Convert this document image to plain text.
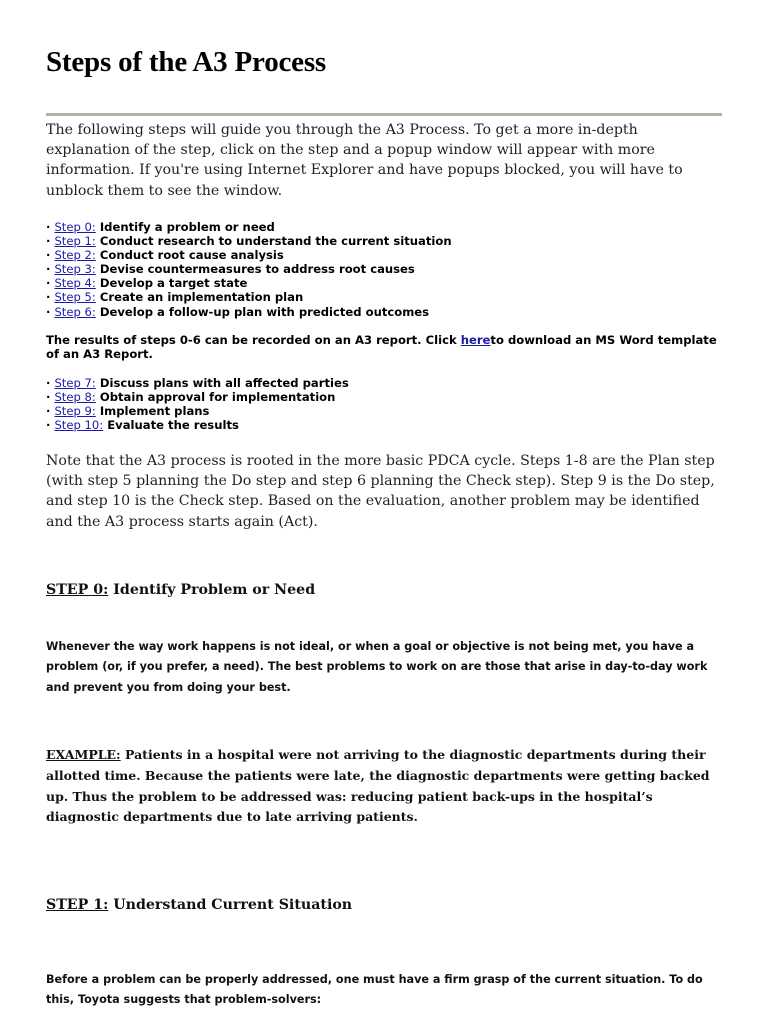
Steps of the A3 Process
The following steps will guide you through the A3 Process. To get a more in-depth explanation of the step, click on the step and a popup window will appear with more information. If you're using Internet Explorer and have popups blocked, you will have to unblock them to see the window.
· Step 0: Identify a problem or need
· Step 1: Conduct research to understand the current situation
· Step 2: Conduct root cause analysis
· Step 3: Devise countermeasures to address root causes
· Step 4: Develop a target state
· Step 5: Create an implementation plan
· Step 6: Develop a follow-up plan with predicted outcomes
The results of steps 0-6 can be recorded on an A3 report. Click hereto download an MS Word template of an A3 Report.
· Step 7: Discuss plans with all affected parties
· Step 8: Obtain approval for implementation
· Step 9: Implement plans
· Step 10: Evaluate the results
Note that the A3 process is rooted in the more basic PDCA cycle. Steps 1-8 are the Plan step (with step 5 planning the Do step and step 6 planning the Check step). Step 9 is the Do step, and step 10 is the Check step. Based on the evaluation, another problem may be identified and the A3 process starts again (Act).
STEP 0: Identify Problem or Need
Whenever the way work happens is not ideal, or when a goal or objective is not being met, you have a problem (or, if you prefer, a need). The best problems to work on are those that arise in day-to-day work and prevent you from doing your best.
EXAMPLE: Patients in a hospital were not arriving to the diagnostic departments during their allotted time. Because the patients were late, the diagnostic departments were getting backed up. Thus the problem to be addressed was: reducing patient back-ups in the hospital’s diagnostic departments due to late arriving patients.
STEP 1: Understand Current Situation
Before a problem can be properly addressed, one must have a firm grasp of the current situation. To do this, Toyota suggests that problem-solvers:
